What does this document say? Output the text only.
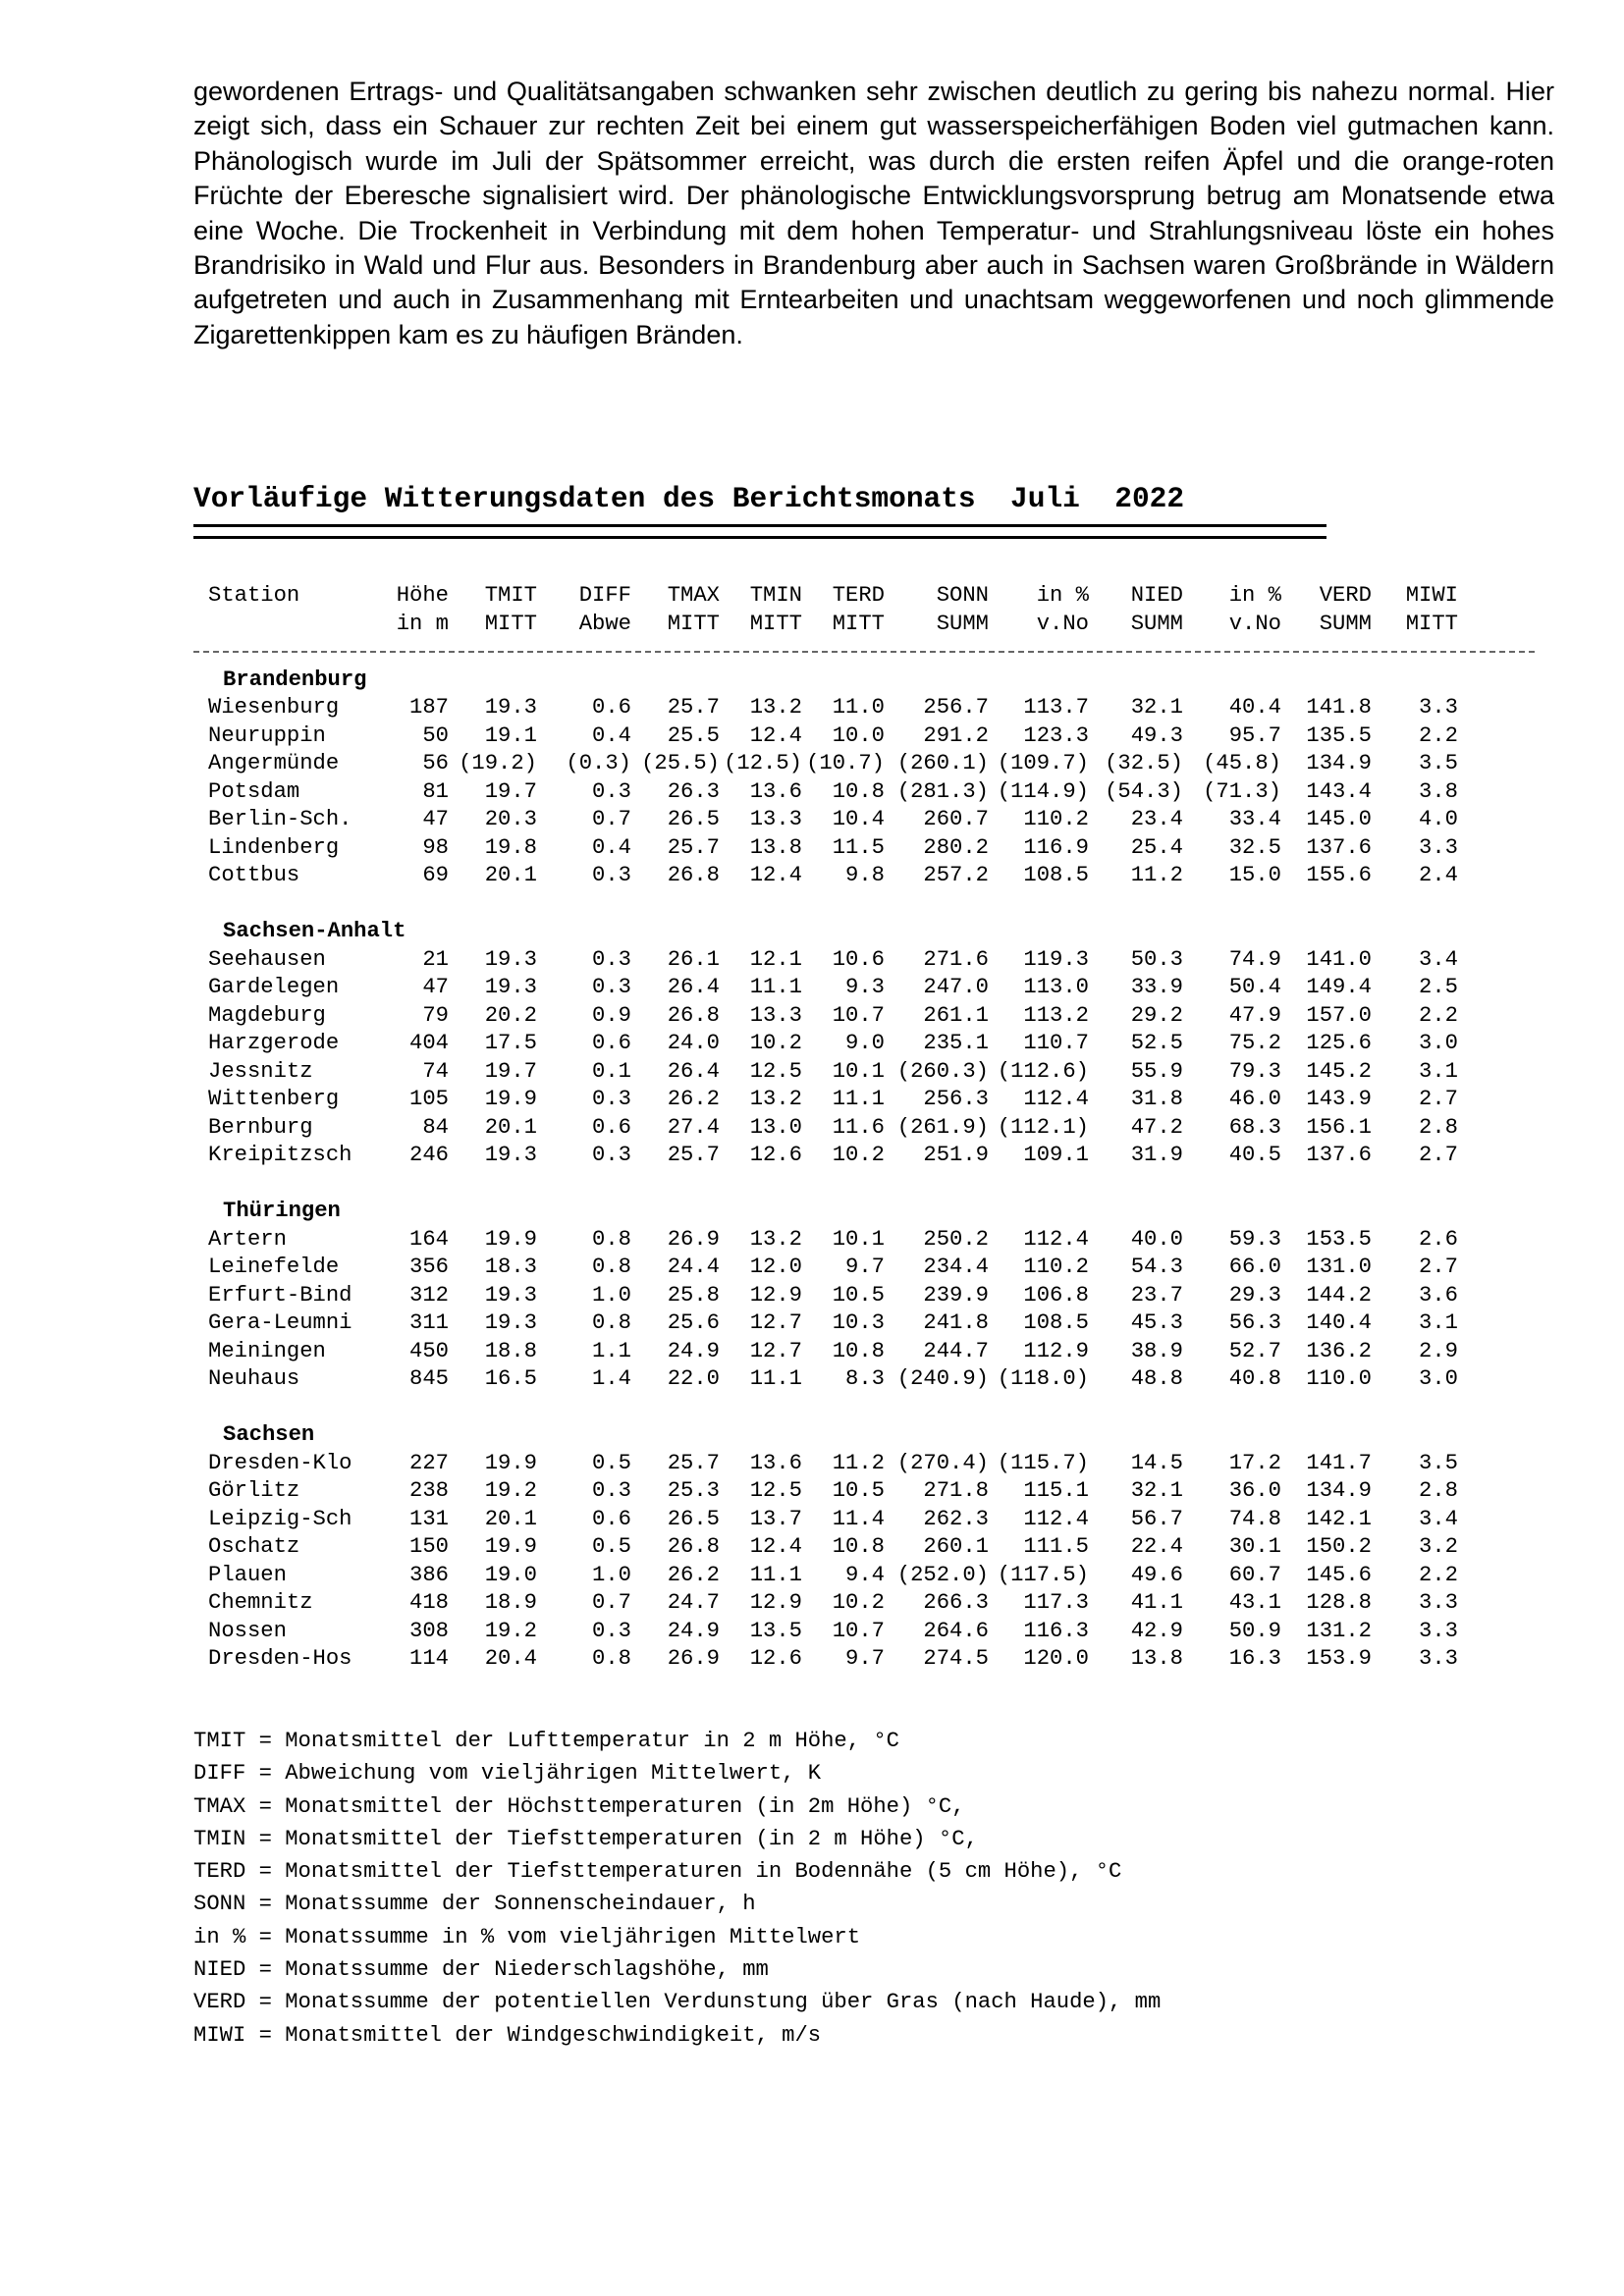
gewordenen Ertrags- und Qualitätsangaben schwanken sehr zwischen deutlich zu gering bis nahezu normal. Hier zeigt sich, dass ein Schauer zur rechten Zeit bei einem gut wasserspeicherfähigen Boden viel gutmachen kann. Phänologisch wurde im Juli der Spätsommer erreicht, was durch die ersten reifen Äpfel und die orange-roten Früchte der Eberesche signalisiert wird. Der phänologische Entwicklungsvorsprung betrug am Monatsende etwa eine Woche. Die Trockenheit in Verbindung mit dem hohen Temperatur- und Strahlungsniveau löste ein hohes Brandrisiko in Wald und Flur aus. Besonders in Brandenburg aber auch in Sachsen waren Großbrände in Wäldern aufgetreten und auch in Zusammenhang mit Erntearbeiten und unachtsam weggeworfenen und noch glimmende Zigarettenkippen kam es zu häufigen Bränden.

Vorläufige Witterungsdaten des Berichtsmonats Juli 2022
Station	Höhe	TMIT	DIFF	TMAX	TMIN	TERD	SONN	in %	NIED	in %	VERD	MIWI
in m	MITT	Abwe	MITT	MITT	MITT	SUMM	v.No	SUMM	v.No	SUMM	MITT
Brandenburg
Wiesenburg	187	19.3	0.6	25.7	13.2	11.0	256.7	113.7	32.1	40.4	141.8	3.3
Neuruppin	50	19.1	0.4	25.5	12.4	10.0	291.2	123.3	49.3	95.7	135.5	2.2
Angermünde	56 (19.2)	(0.3) (25.5) (12.5) (10.7) (260.1) (109.7) (32.5) (45.8)	134.9	3.5
Potsdam	81	19.7	0.3	26.3	13.6	10.8 (281.3) (114.9) (54.3) (71.3)	143.4	3.8
Berlin-Sch.	47	20.3	0.7	26.5	13.3	10.4	260.7	110.2	23.4	33.4	145.0	4.0
Lindenberg	98	19.8	0.4	25.7	13.8	11.5	280.2	116.9	25.4	32.5	137.6	3.3
Cottbus	69	20.1	0.3	26.8	12.4	9.8	257.2	108.5	11.2	15.0	155.6	2.4
Sachsen-Anhalt
Seehausen	21	19.3	0.3	26.1	12.1	10.6	271.6	119.3	50.3	74.9	141.0	3.4
Gardelegen	47	19.3	0.3	26.4	11.1	9.3	247.0	113.0	33.9	50.4	149.4	2.5
Magdeburg	79	20.2	0.9	26.8	13.3	10.7	261.1	113.2	29.2	47.9	157.0	2.2
Harzgerode	404	17.5	0.6	24.0	10.2	9.0	235.1	110.7	52.5	75.2	125.6	3.0
Jessnitz	74	19.7	0.1	26.4	12.5	10.1 (260.3) (112.6)	55.9	79.3	145.2	3.1
Wittenberg	105	19.9	0.3	26.2	13.2	11.1	256.3	112.4	31.8	46.0	143.9	2.7
Bernburg	84	20.1	0.6	27.4	13.0	11.6 (261.9) (112.1)	47.2	68.3	156.1	2.8
Kreipitzsch	246	19.3	0.3	25.7	12.6	10.2	251.9	109.1	31.9	40.5	137.6	2.7
Thüringen
Artern	164	19.9	0.8	26.9	13.2	10.1	250.2	112.4	40.0	59.3	153.5	2.6
Leinefelde	356	18.3	0.8	24.4	12.0	9.7	234.4	110.2	54.3	66.0	131.0	2.7
Erfurt-Bind	312	19.3	1.0	25.8	12.9	10.5	239.9	106.8	23.7	29.3	144.2	3.6
Gera-Leumni	311	19.3	0.8	25.6	12.7	10.3	241.8	108.5	45.3	56.3	140.4	3.1
Meiningen	450	18.8	1.1	24.9	12.7	10.8	244.7	112.9	38.9	52.7	136.2	2.9
Neuhaus	845	16.5	1.4	22.0	11.1	8.3 (240.9) (118.0)	48.8	40.8	110.0	3.0
Sachsen
Dresden-Klo	227	19.9	0.5	25.7	13.6	11.2 (270.4) (115.7)	14.5	17.2	141.7	3.5
Görlitz	238	19.2	0.3	25.3	12.5	10.5	271.8	115.1	32.1	36.0	134.9	2.8
Leipzig-Sch	131	20.1	0.6	26.5	13.7	11.4	262.3	112.4	56.7	74.8	142.1	3.4
Oschatz	150	19.9	0.5	26.8	12.4	10.8	260.1	111.5	22.4	30.1	150.2	3.2
Plauen	386	19.0	1.0	26.2	11.1	9.4 (252.0) (117.5)	49.6	60.7	145.6	2.2
Chemnitz	418	18.9	0.7	24.7	12.9	10.2	266.3	117.3	41.1	43.1	128.8	3.3
Nossen	308	19.2	0.3	24.9	13.5	10.7	264.6	116.3	42.9	50.9	131.2	3.3
Dresden-Hos	114	20.4	0.8	26.9	12.6	9.7	274.5	120.0	13.8	16.3	153.9	3.3
TMIT = Monatsmittel der Lufttemperatur in 2 m Höhe, °C
DIFF = Abweichung vom vieljährigen Mittelwert, K
TMAX = Monatsmittel der Höchsttemperaturen (in 2m Höhe) °C,
TMIN = Monatsmittel der Tiefsttemperaturen (in 2 m Höhe) °C,
TERD = Monatsmittel der Tiefsttemperaturen in Bodennähe (5 cm Höhe), °C
SONN = Monatssumme der Sonnenscheindauer, h
in % = Monatssumme in % vom vieljährigen Mittelwert
NIED = Monatssumme der Niederschlagshöhe, mm
VERD = Monatssumme der potentiellen Verdunstung über Gras (nach Haude), mm
MIWI = Monatsmittel der Windgeschwindigkeit, m/s
